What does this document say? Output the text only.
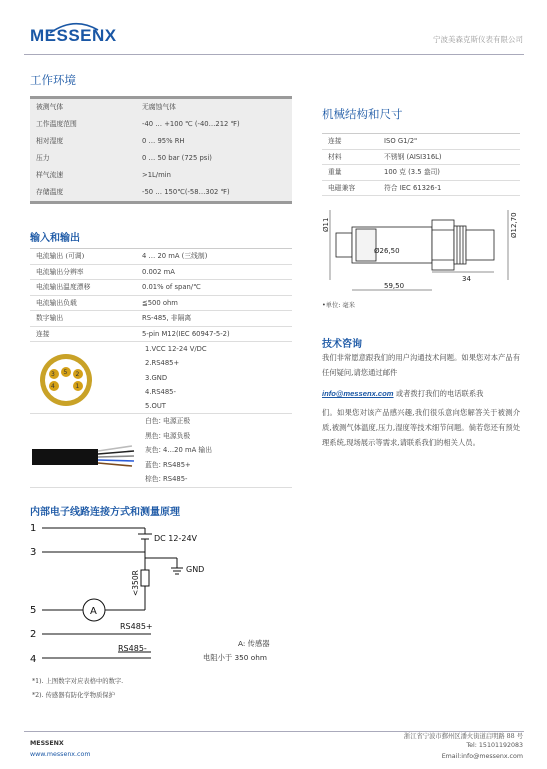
MESSENX	宁波美森克斯仪表有限公司
工作环境
被测气体	无腐蚀气体
工作温度范围	-40 … +100 ℃ (-40…212 ℉)
相对湿度	0 … 95% RH
压力	0 … 50 bar (725 psi)
样气流速	>1L/min
存储温度	-50 … 150℃(-58…302 ℉)
输入和输出
电流输出 (可调)	4 … 20 mA (三线制)
电流输出分辨率	0.002 mA
电流输出温度漂移	0.01% of span/℃
电流输出负载	≦500 ohm
数字输出	RS-485, 非隔离
连接	5-pin M12(IEC 60947-5-2)
3 5 2
4	1
1.VCC 12-24 V/DC
2.RS485+
3.GND
4.RS485-
5.OUT
白色: 电源正极
黑色: 电源负极
灰色: 4…20 mA 输出
蓝色: RS485+
棕色: RS485-
内部电子线路连接方式和测量原理
1
3
5
2
4
DC 12-24V
GND
<350R
A
RS485+
RS485-
A: 传感器
电阻小于 350 ohm
*1). 上图数字对应表格中的数字.
*2). 传感器有防化学物质保护
机械结构和尺寸
连接	ISO G1/2"
材料	不锈钢 (AISI316L)
重量	100 克 (3.5 盎司)
电磁兼容	符合 IEC 61326-1
Ø11
Ø26,50
Ø12,70
34
59,50
•单位: 毫米
技术咨询
我们非常愿意跟我们的用户沟通技术问题。如果您对本产品有任何疑问,请您通过邮件
info@messenx.com 或者拨打我们的电话联系我
们。如果您对该产品感兴趣,我们很乐意向您解答关于被测介质,被测气体温度,压力,湿度等技术细节问题。倘若您还有预处理系统,现场展示等需求,请联系我们的相关人员。
MESSENX
www.messenx.com
浙江省宁波市鄞州区潘火街道启明路 88 号
Tel: 15101192083
Email:info@messenx.com
